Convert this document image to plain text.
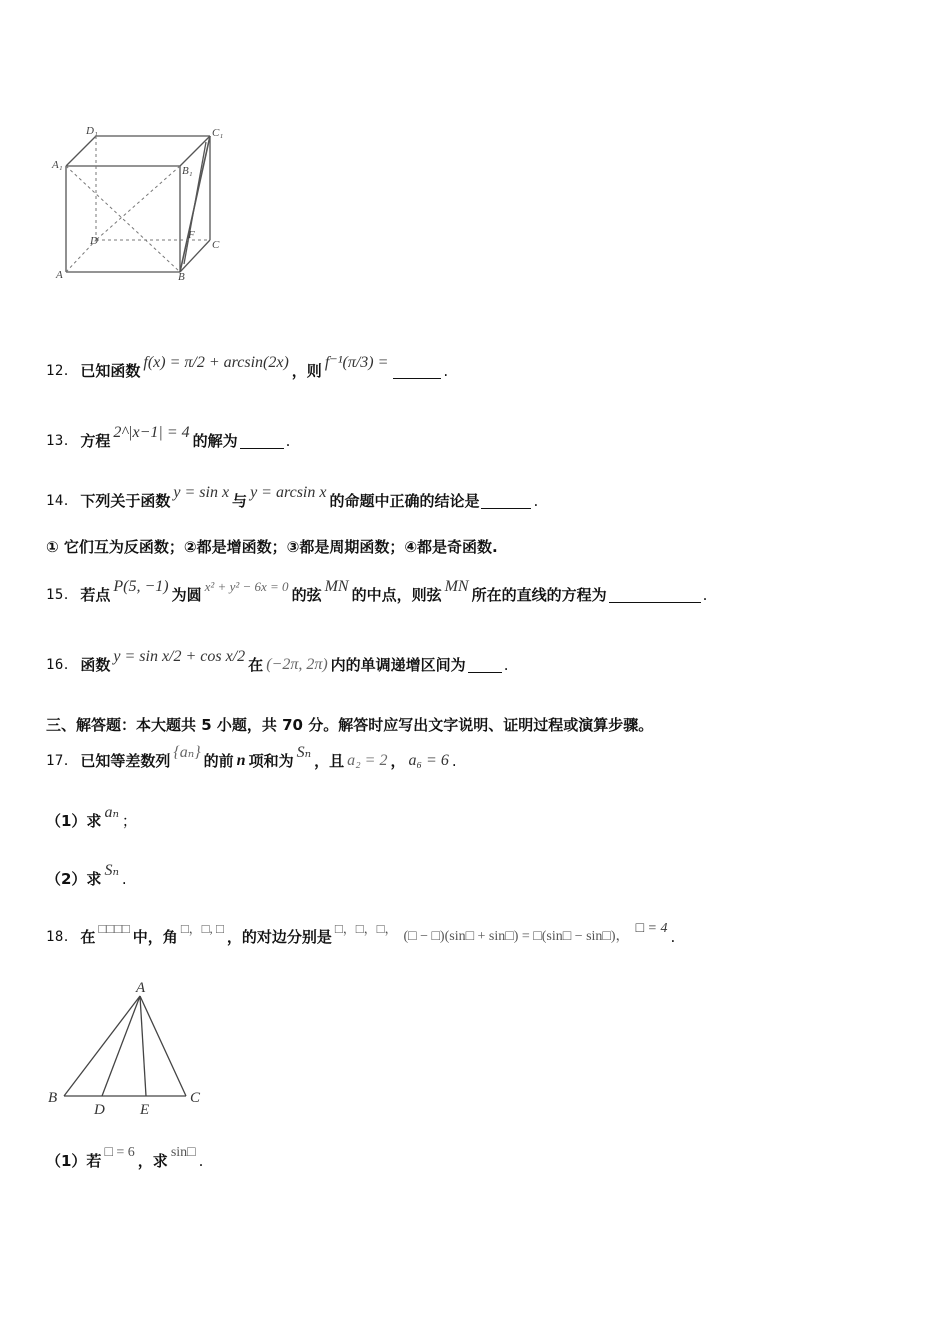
D₁	C₁
A₁	B₁
D	F
C
A	B
12． 已知函数 f(x) = π/2 + arcsin(2x) ，则 f⁻¹(π/3) =	.
13． 方程 2^|x−1| = 4 的解为	.
14． 下列关于函数 y = sin x 与 y = arcsin x 的命题中正确的结论是	.
① 它们互为反函数；②都是增函数；③都是周期函数；④都是奇函数.
15． 若点 P(5, −1) 为圆 x² + y² − 6x = 0 的弦 MN 的中点，则弦 MN 所在的直线的方程为	.
16． 函数 y = sin x/2 + cos x/2 在 (−2π, 2π) 内的单调递增区间为	.
三、解答题：本大题共 5 小题，共 70 分。解答时应写出文字说明、证明过程或演算步骤。
17． 已知等差数列 {aₙ} 的前 n 项和为 Sₙ ，且 a₂ = 2 ， a₆ = 6 .
（1）求 aₙ ；
（2）求 Sₙ .
18． 在 □□□□ 中，角 □，□, □ ，的对边分别是 □，□，□，
(□ − □)(sin□ + sin□) = □(sin□ − sin□)，
□ = 4 .
A
B	C
D E
（1）若 □ = 6 ，求 sin□ .
